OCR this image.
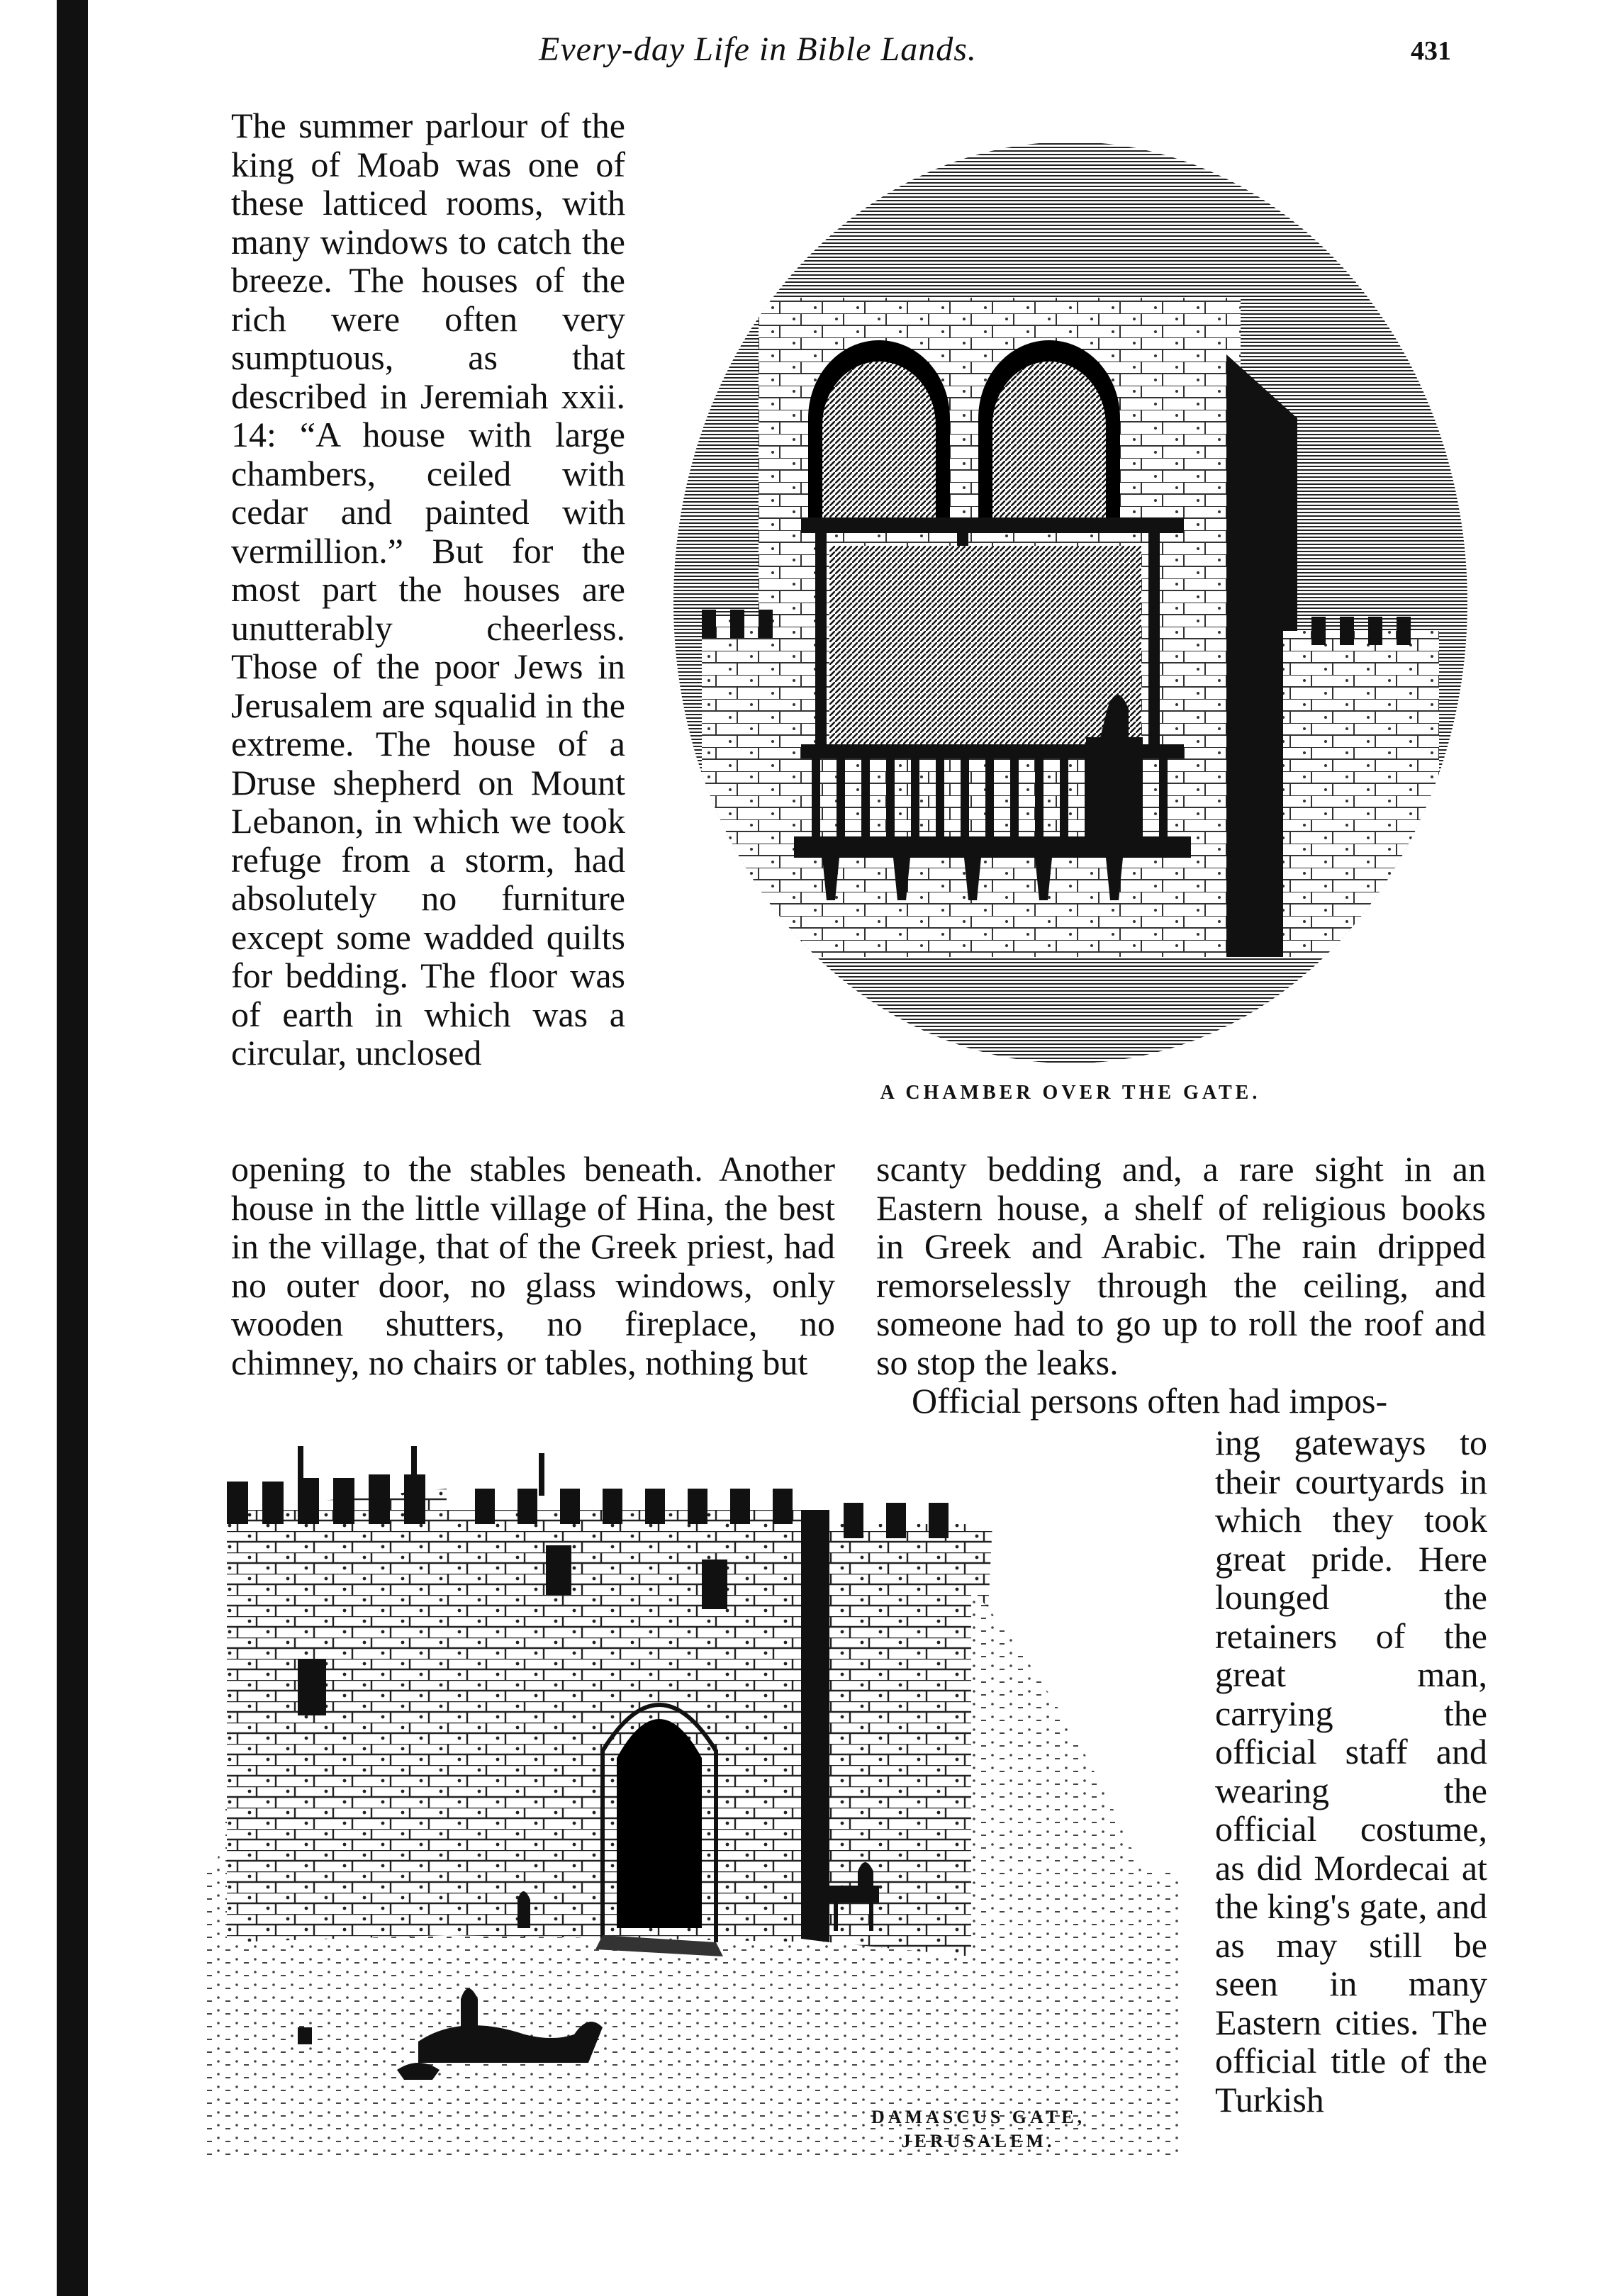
Every-day Life in Bible Lands.	431

The summer parlour of the king of Moab was one of these latticed rooms, with many windows to catch the breeze. The houses of the rich were often very sumptuous, as that described in Jeremiah xxii. 14: “A house with large chambers, ceiled with cedar and painted with vermillion.” But for the most part the houses are unutterably cheerless. Those of the poor Jews in Jerusalem are squalid in the extreme. The house of a Druse shepherd on Mount Lebanon, in which we took refuge from a storm, had absolutely no furniture except some wadded quilts for bedding. The floor was of earth in which was a circular, unclosed

A CHAMBER OVER THE GATE.

opening to the stables beneath. Another house in the little village of Hina, the best in the village, that of the Greek priest, had no outer door, no glass windows, only wooden shutters, no fireplace, no chimney, no chairs or tables, nothing but

scanty bedding and, a rare sight in an Eastern house, a shelf of religious books in Greek and Arabic. The rain dripped remorselessly through the ceiling, and someone had to go up to roll the roof and so stop the leaks.

Official persons often had impos-

DAMASCUS GATE,
JERUSALEM.

ing gateways to their courtyards in which they took great pride. Here lounged the retainers of the great man, carrying the official staff and wearing the official costume, as did Mordecai at the king's gate, and as may still be seen in many Eastern cities. The official title of the Turkish
